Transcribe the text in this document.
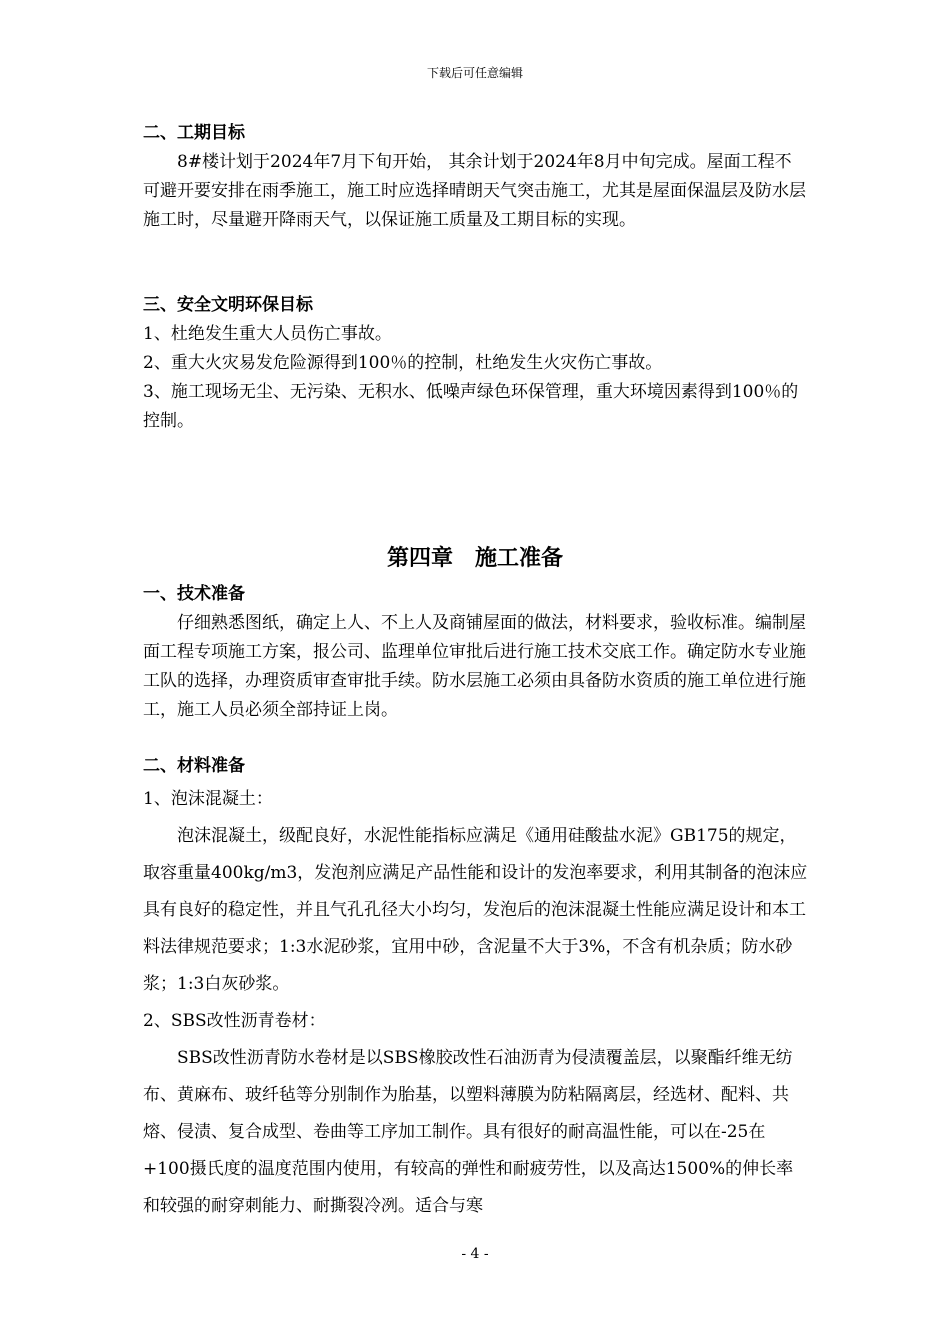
下载后可任意编辑
二、工期目标

8#楼计划于2024年7月下旬开始， 其余计划于2024年8月中旬完成。屋面工程不可避开要安排在雨季施工，施工时应选择晴朗天气突击施工，尤其是屋面保温层及防水层施工时，尽量避开降雨天气，以保证施工质量及工期目标的实现。

三、安全文明环保目标
1、杜绝发生重大人员伤亡事故。
2、重大火灾易发危险源得到100％的控制，杜绝发生火灾伤亡事故。
3、施工现场无尘、无污染、无积水、低噪声绿色环保管理，重大环境因素得到100％的控制。
第四章　施工准备
一、技术准备

仔细熟悉图纸，确定上人、不上人及商铺屋面的做法，材料要求，验收标准。编制屋面工程专项施工方案，报公司、监理单位审批后进行施工技术交底工作。确定防水专业施工队的选择，办理资质审查审批手续。防水层施工必须由具备防水资质的施工单位进行施工，施工人员必须全部持证上岗。

二、材料准备
1、泡沫混凝土：

泡沫混凝土，级配良好，水泥性能指标应满足《通用硅酸盐水泥》GB175的规定，取容重量400kg/m3，发泡剂应满足产品性能和设计的发泡率要求，利用其制备的泡沫应具有良好的稳定性，并且气孔孔径大小均匀，发泡后的泡沫混凝土性能应满足设计和本工料法律规范要求；1:3水泥砂浆，宜用中砂，含泥量不大于3%，不含有机杂质；防水砂浆；1:3白灰砂浆。

2、SBS改性沥青卷材：

SBS改性沥青防水卷材是以SBS橡胶改性石油沥青为侵渍覆盖层，以聚酯纤维无纺布、黄麻布、玻纤毡等分别制作为胎基，以塑料薄膜为防粘隔离层，经选材、配料、共熔、侵渍、复合成型、卷曲等工序加工制作。具有很好的耐高温性能，可以在-25在+100摄氏度的温度范围内使用，有较高的弹性和耐疲劳性，以及高达1500%的伸长率和较强的耐穿刺能力、耐撕裂冷冽。适合与寒

- 4 -
